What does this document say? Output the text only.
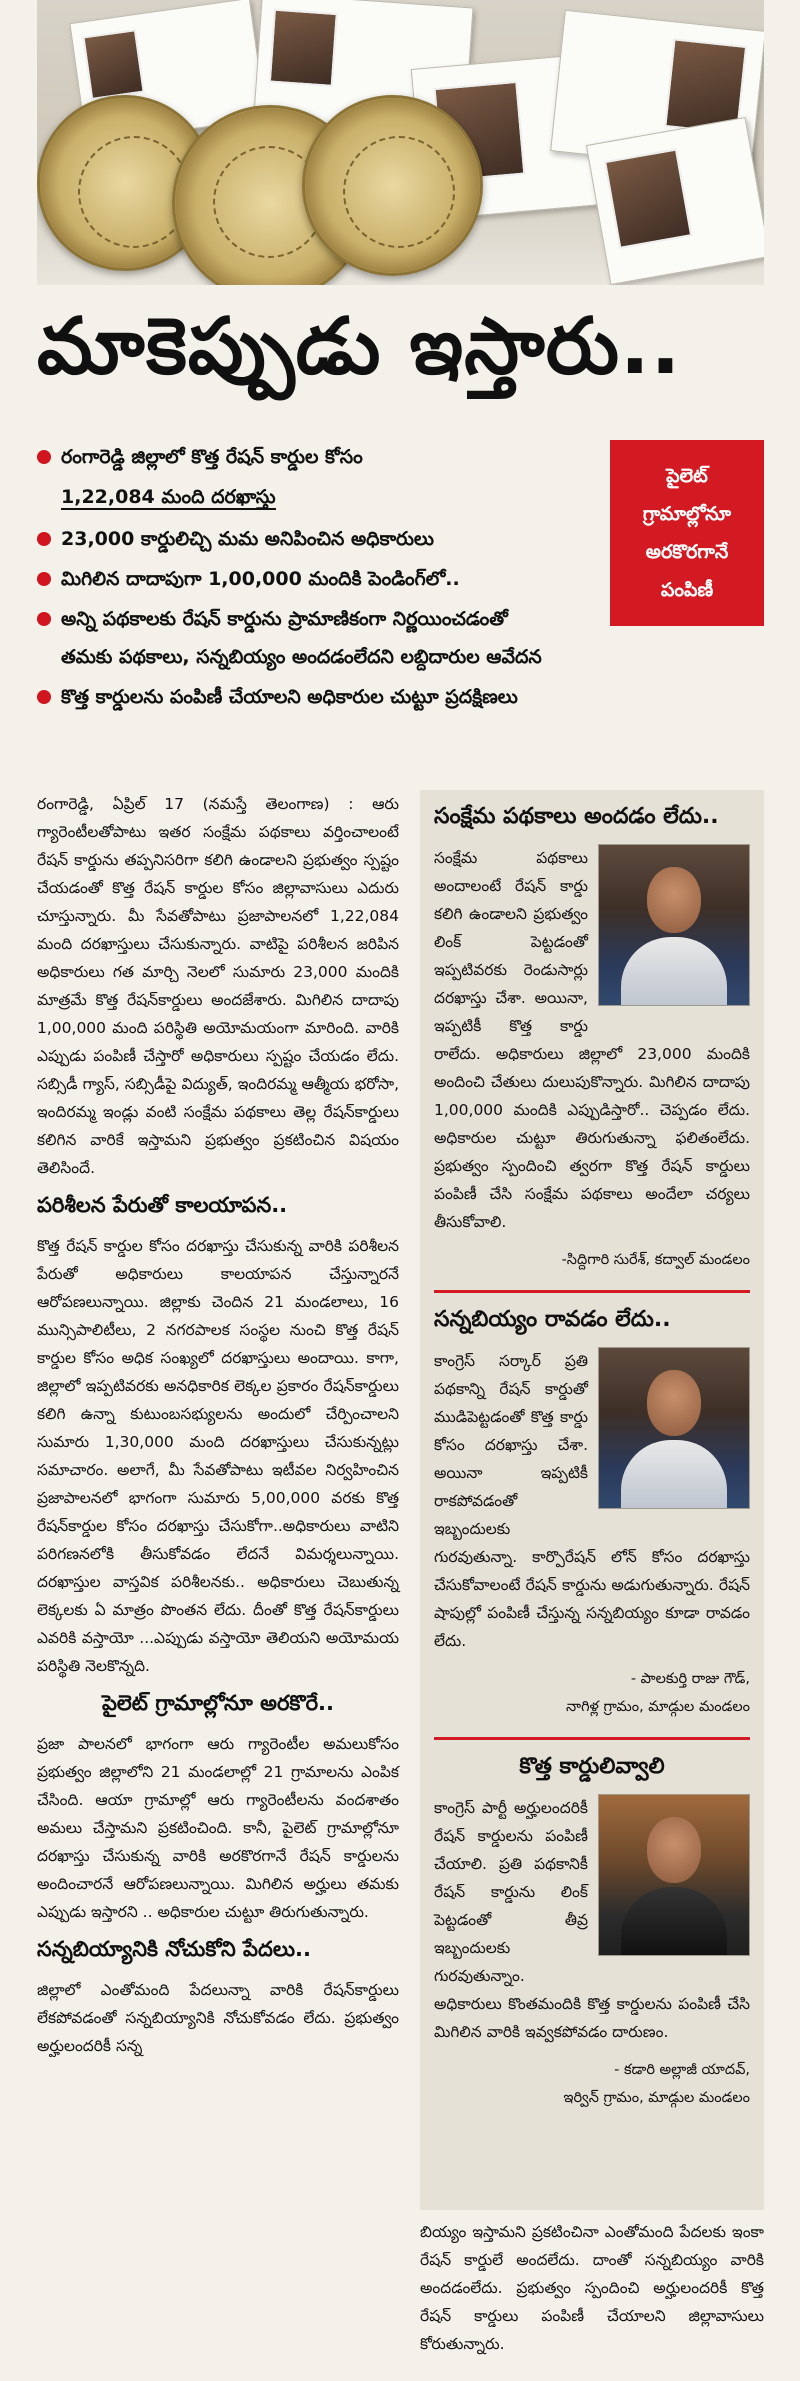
మాకెప్పుడు ఇస్తారు..
రంగారెడ్డి జిల్లాలో కొత్త రేషన్ కార్డుల కోసం
1,22,084 మంది దరఖాస్తు
23,000 కార్డులిచ్చి మమ అనిపించిన అధికారులు
మిగిలిన దాదాపుగా 1,00,000 మందికి పెండింగ్‌లో..
అన్ని పథకాలకు రేషన్ కార్డును ప్రామాణికంగా నిర్ణయించడంతో
తమకు పథకాలు, సన్నబియ్యం అందడంలేదని లబ్దిదారుల ఆవేదన
కొత్త కార్డులను పంపిణీ చేయాలని అధికారుల చుట్టూ ప్రదక్షిణలు
పైలెట్
గ్రామాల్లోనూ
అరకొరగానే
పంపిణీ

రంగారెడ్డి, ఏప్రిల్ 17 (నమస్తే తెలంగాణ) : ఆరు గ్యారెంటీలతోపాటు ఇతర సంక్షేమ పథకాలు వర్తించాలంటే రేషన్ కార్డును తప్పనిసరిగా కలిగి ఉండాలని ప్రభుత్వం స్పష్టం చేయడంతో కొత్త రేషన్ కార్డుల కోసం జిల్లావాసులు ఎదురు చూస్తున్నారు. మీ సేవతోపాటు ప్రజాపాలనలో 1,22,084 మంది దరఖాస్తులు చేసుకున్నారు. వాటిపై పరిశీలన జరిపిన అధికారులు గత మార్చి నెలలో సుమారు 23,000 మందికి మాత్రమే కొత్త రేషన్‌కార్డులు అందజేశారు. మిగిలిన దాదాపు 1,00,000 మంది పరిస్థితి అయోమయంగా మారింది. వారికి ఎప్పుడు పంపిణీ చేస్తారో అధికారులు స్పష్టం చేయడం లేదు. సబ్సిడీ గ్యాస్, సబ్సిడీపై విద్యుత్, ఇందిరమ్మ ఆత్మీయ భరోసా, ఇందిరమ్మ ఇండ్లు వంటి సంక్షేమ పథకాలు తెల్ల రేషన్‌కార్డులు కలిగిన వారికే ఇస్తామని ప్రభుత్వం ప్రకటించిన విషయం తెలిసిందే.

పరిశీలన పేరుతో కాలయాపన..

కొత్త రేషన్ కార్డుల కోసం దరఖాస్తు చేసుకున్న వారికి పరిశీలన పేరుతో అధికారులు కాలయాపన చేస్తున్నారనే ఆరోపణలున్నాయి. జిల్లాకు చెందిన 21 మండలాలు, 16 మున్సిపాలిటీలు, 2 నగరపాలక సంస్థల నుంచి కొత్త రేషన్ కార్డుల కోసం అధిక సంఖ్యలో దరఖాస్తులు అందాయి. కాగా, జిల్లాలో ఇప్పటివరకు అనధికారిక లెక్కల ప్రకారం రేషన్‌కార్డులు కలిగి ఉన్నా కుటుంబసభ్యులను అందులో చేర్పించాలని సుమారు 1,30,000 మంది దరఖాస్తులు చేసుకున్నట్లు సమాచారం. అలాగే, మీ సేవతోపాటు ఇటీవల నిర్వహించిన ప్రజాపాలనలో భాగంగా సుమారు 5,00,000 వరకు కొత్త రేషన్‌కార్డుల కోసం దరఖాస్తు చేసుకోగా..అధికారులు వాటిని పరిగణనలోకి తీసుకోవడం లేదనే విమర్శలున్నాయి. దరఖాస్తుల వాస్తవిక పరిశీలనకు.. అధికారులు చెబుతున్న లెక్కలకు ఏ మాత్రం పొంతన లేదు. దీంతో కొత్త రేషన్‌కార్డులు ఎవరికి వస్తాయో ...ఎప్పుడు వస్తాయో తెలియని అయోమయ పరిస్థితి నెలకొన్నది.

పైలెట్ గ్రామాల్లోనూ అరకొరే..

ప్రజా పాలనలో భాగంగా ఆరు గ్యారెంటీల అమలుకోసం ప్రభుత్వం జిల్లాలోని 21 మండలాల్లో 21 గ్రామాలను ఎంపిక చేసింది. ఆయా గ్రామాల్లో ఆరు గ్యారెంటీలను వందశాతం అమలు చేస్తామని ప్రకటించింది. కానీ, పైలెట్ గ్రామాల్లోనూ దరఖాస్తు చేసుకున్న వారికి అరకొరగానే రేషన్ కార్డులను అందించారనే ఆరోపణలున్నాయి. మిగిలిన అర్హులు తమకు ఎప్పుడు ఇస్తారని .. అధికారుల చుట్టూ తిరుగుతున్నారు.

సన్నబియ్యానికి నోచుకోని పేదలు..

జిల్లాలో ఎంతోమంది పేదలున్నా వారికి రేషన్‌కార్డులు లేకపోవడంతో సన్నబియ్యానికి నోచుకోవడం లేదు. ప్రభుత్వం అర్హులందరికీ సన్న

సంక్షేమ పథకాలు అందడం లేదు..

సంక్షేమ పథకాలు అందాలంటే రేషన్ కార్డు కలిగి ఉండాలని ప్రభుత్వం లింక్ పెట్టడంతో ఇప్పటివరకు రెండుసార్లు దరఖాస్తు చేశా. అయినా, ఇప్పటికీ కొత్త కార్డు రాలేదు. అధికారులు జిల్లాలో 23,000 మందికి అందించి చేతులు దులుపుకొన్నారు. మిగిలిన దాదాపు 1,00,000 మందికి ఎప్పుడిస్తారో.. చెప్పడం లేదు. అధికారుల చుట్టూ తిరుగుతున్నా ఫలితంలేదు. ప్రభుత్వం స్పందించి త్వరగా కొత్త రేషన్ కార్డులు పంపిణీ చేసి సంక్షేమ పథకాలు అందేలా చర్యలు తీసుకోవాలి.

-సిద్దిగారి సురేశ్, కద్వాల్ మండలం
సన్నబియ్యం రావడం లేదు..

కాంగ్రెస్ సర్కార్ ప్రతి పథకాన్ని రేషన్ కార్డుతో ముడిపెట్టడంతో కొత్త కార్డు కోసం దరఖాస్తు చేశా. అయినా ఇప్పటికీ రాకపోవడంతో ఇబ్బందులకు గురవుతున్నా. కార్పొరేషన్ లోన్ కోసం దరఖాస్తు చేసుకోవాలంటే రేషన్ కార్డును అడుగుతున్నారు. రేషన్ షాపుల్లో పంపిణీ చేస్తున్న సన్నబియ్యం కూడా రావడం లేదు.

- పాలకుర్తి రాజు గౌడ్,
నాగిళ్ల గ్రామం, మాడ్గుల మండలం
కొత్త కార్డులివ్వాలి

కాంగ్రెస్ పార్టీ అర్హులందరికీ రేషన్ కార్డులను పంపిణీ చేయాలి. ప్రతి పథకానికీ రేషన్ కార్డును లింక్ పెట్టడంతో తీవ్ర ఇబ్బందులకు గురవుతున్నాం. అధికారులు కొంతమందికి కొత్త కార్డులను పంపిణీ చేసి మిగిలిన వారికి ఇవ్వకపోవడం దారుణం.

- కడారి అల్లాజీ యాదవ్,
ఇర్విన్ గ్రామం, మాడ్గుల మండలం

బియ్యం ఇస్తామని ప్రకటించినా ఎంతోమంది పేదలకు ఇంకా రేషన్ కార్డులే అందలేదు. దాంతో సన్నబియ్యం వారికి అందడంలేదు. ప్రభుత్వం స్పందించి అర్హులందరికీ కొత్త రేషన్ కార్డులు పంపిణీ చేయాలని జిల్లావాసులు కోరుతున్నారు.
